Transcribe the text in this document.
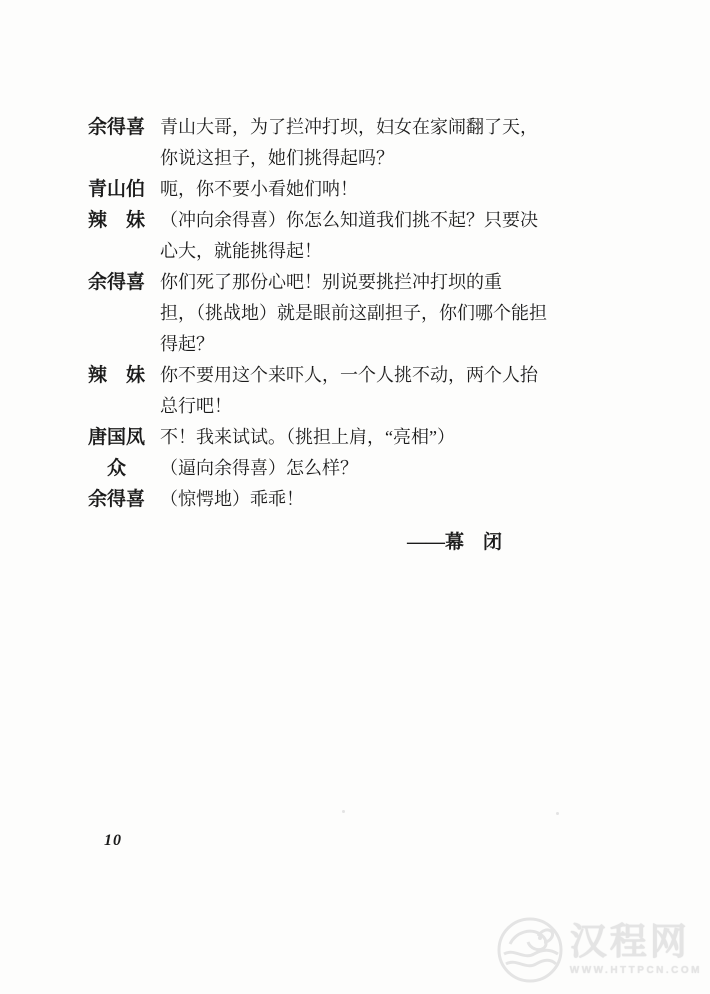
余得喜 青山大哥，为了拦冲打坝，妇女在家闹翻了天，
你说这担子，她们挑得起吗？
青山伯 呃，你不要小看她们呐！
辣　妹 （冲向余得喜）你怎么知道我们挑不起？只要决
心大，就能挑得起！
余得喜 你们死了那份心吧！别说要挑拦冲打坝的重
担，（挑战地）就是眼前这副担子，你们哪个能担
得起？
辣　妹 你不要用这个来吓人，一个人挑不动，两个人抬
总行吧！
唐国凤 不！我来试试。（挑担上肩，“亮相”）
　众　 （逼向余得喜）怎么样？
余得喜 （惊愕地）乖乖！
——幕　闭
10
汉程网
WWW.HTTPCN.COM
